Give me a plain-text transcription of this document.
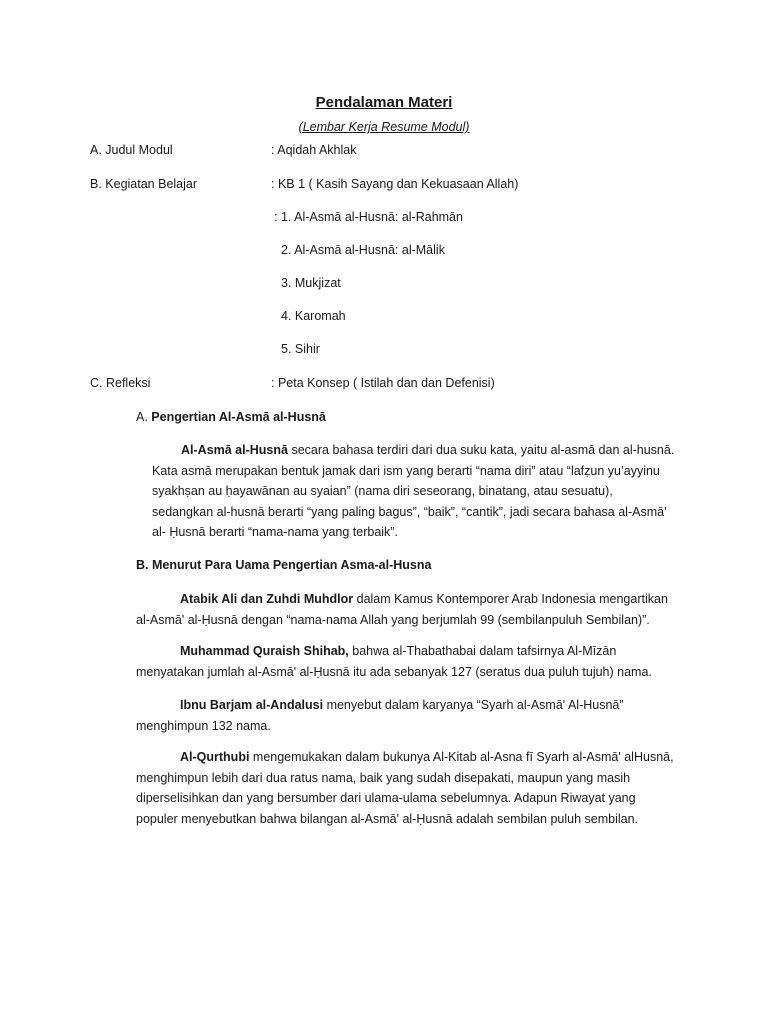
Pendalaman Materi
(Lembar Kerja Resume Modul)
A. Judul Modul	: Aqidah Akhlak
B. Kegiatan Belajar	: KB 1 ( Kasih Sayang dan Kekuasaan Allah)
: 1. Al-Asmā al-Husnā: al-Rahmān
2. Al-Asmā al-Husnā: al-Mālik
3. Mukjizat
4. Karomah
5. Sihir
C. Refleksi	: Peta Konsep ( Istilah dan dan Defenisi)
A. Pengertian Al-Asmā al-Husnā
Al-Asmā al-Husnā secara bahasa terdiri dari dua suku kata, yaitu al-asmā dan al-husnā. Kata asmā merupakan bentuk jamak dari ism yang berarti “nama diri” atau “lafẓun yu’ayyinu syakhṣan au ḥayawānan au syaian” (nama diri seseorang, binatang, atau sesuatu), sedangkan al-husnā berarti “yang paling bagus”, “baik”, “cantik”, jadi secara bahasa al-Asmā' al- Ḥusnā berarti “nama-nama yang terbaik”.
B. Menurut Para Uama Pengertian Asma-al-Husna
Atabik Ali dan Zuhdi Muhdlor dalam Kamus Kontemporer Arab Indonesia mengartikan al-Asmā' al-Ḥusnā dengan “nama-nama Allah yang berjumlah 99 (sembilanpuluh Sembilan)”.
Muhammad Quraish Shihab, bahwa al-Thabathabai dalam tafsirnya Al-Mīzān menyatakan jumlah al-Asmā' al-Ḥusnā itu ada sebanyak 127 (seratus dua puluh tujuh) nama.
Ibnu Barjam al-Andalusi menyebut dalam karyanya “Syarh al-Asmā' Al-Husnā” menghimpun 132 nama.
Al-Qurthubi mengemukakan dalam bukunya Al-Kitab al-Asna fī Syarh al-Asmā' alHusnā, menghimpun lebih dari dua ratus nama, baik yang sudah disepakati, maupun yang masih diperselisihkan dan yang bersumber dari ulama-ulama sebelumnya. Adapun Riwayat yang populer menyebutkan bahwa bilangan al-Asmā' al-Ḥusnā adalah sembilan puluh sembilan.
